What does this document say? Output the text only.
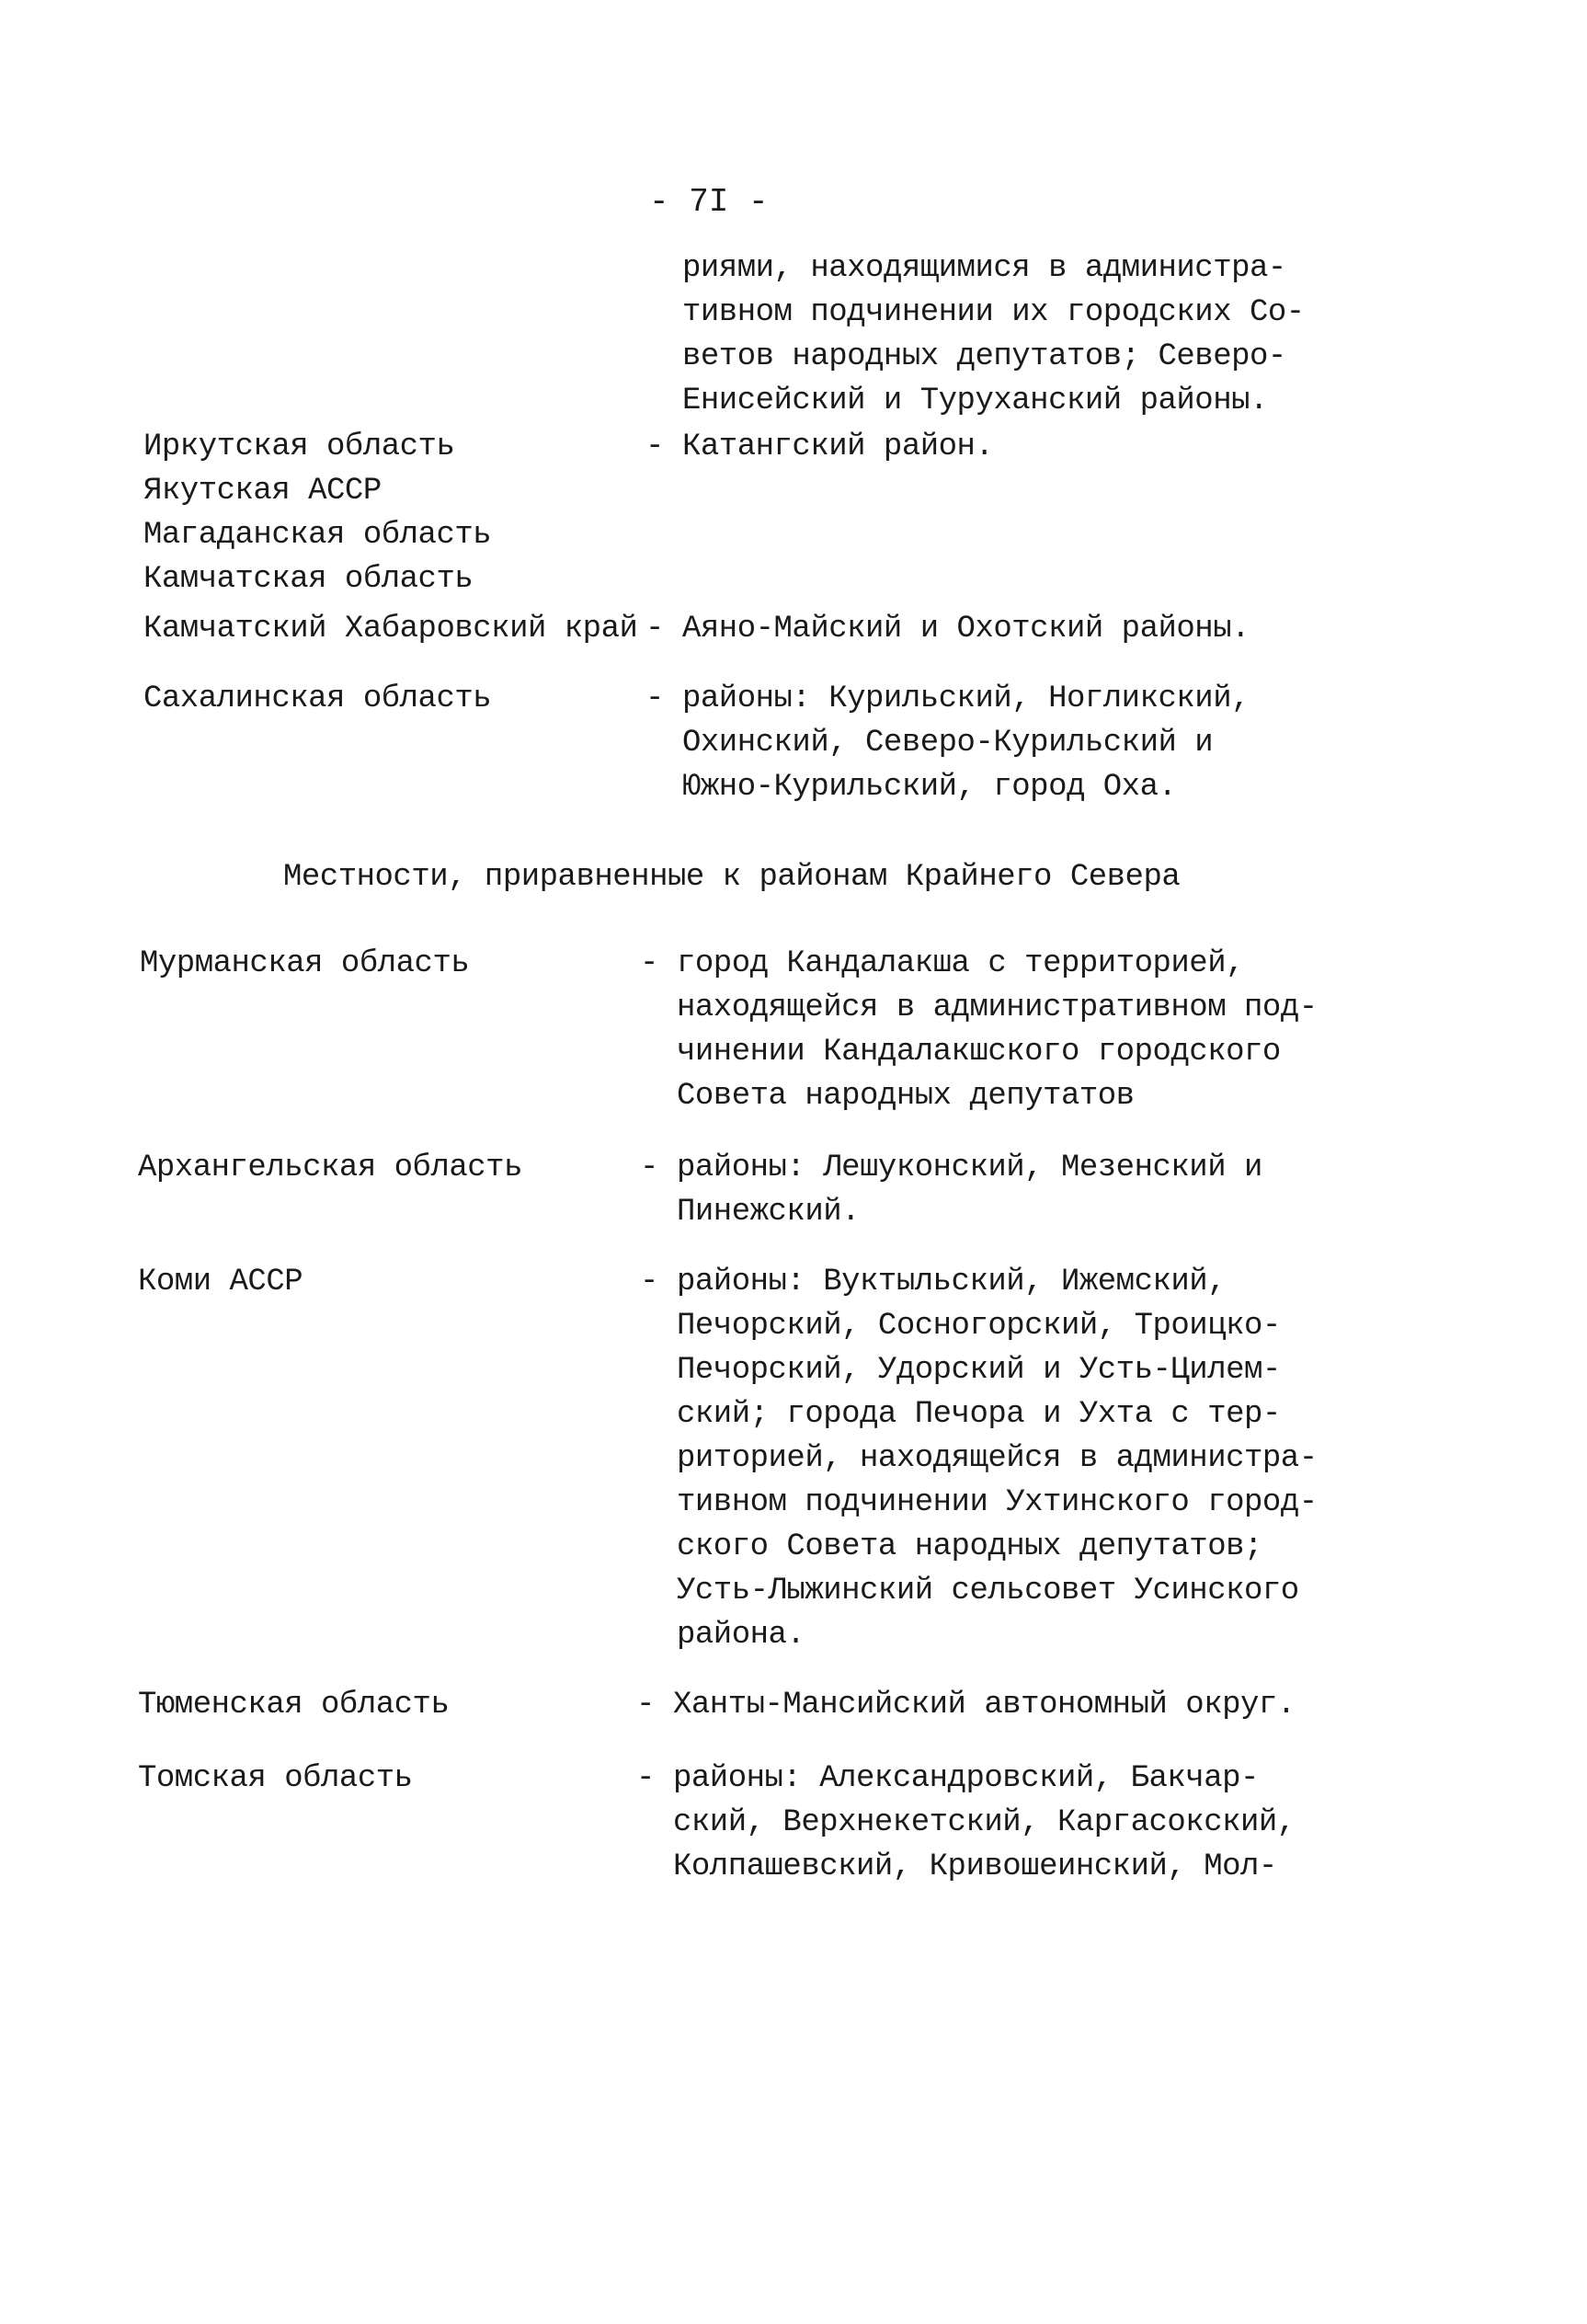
- 7I -
риями, находящимися в администра-
тивном подчинении их городских Со-
ветов народных депутатов; Северо-
Енисейский и Туруханский районы.
Иркутская область	- Катангский район.
Якутская АССР
Магаданская область
Камчатская область
Камчатский Хабаровский край - Аяно-Майский и Охотский районы.
Сахалинская область	- районы: Курильский, Ногликский,
Охинский, Северо-Курильский и
Южно-Курильский, город Оха.
Местности, приравненные к районам Крайнего Севера
Мурманская область	- город Кандалакша с территорией,
находящейся в административном под-
чинении Кандалакшского городского
Совета народных депутатов
Архангельская область	- районы: Лешуконский, Мезенский и
Пинежский.
Коми АССР	- районы: Вуктыльский, Ижемский,
Печорский, Сосногорский, Троицко-
Печорский, Удорский и Усть-Цилем-
ский; города Печора и Ухта с тер-
риторией, находящейся в администра-
тивном подчинении Ухтинского город-
ского Совета народных депутатов;
Усть-Лыжинский сельсовет Усинского
района.
Тюменская область	- Ханты-Мансийский автономный округ.
Томская область	- районы: Александровский, Бакчар-
ский, Верхнекетский, Каргасокский,
Колпашевский, Кривошеинский, Мол-
